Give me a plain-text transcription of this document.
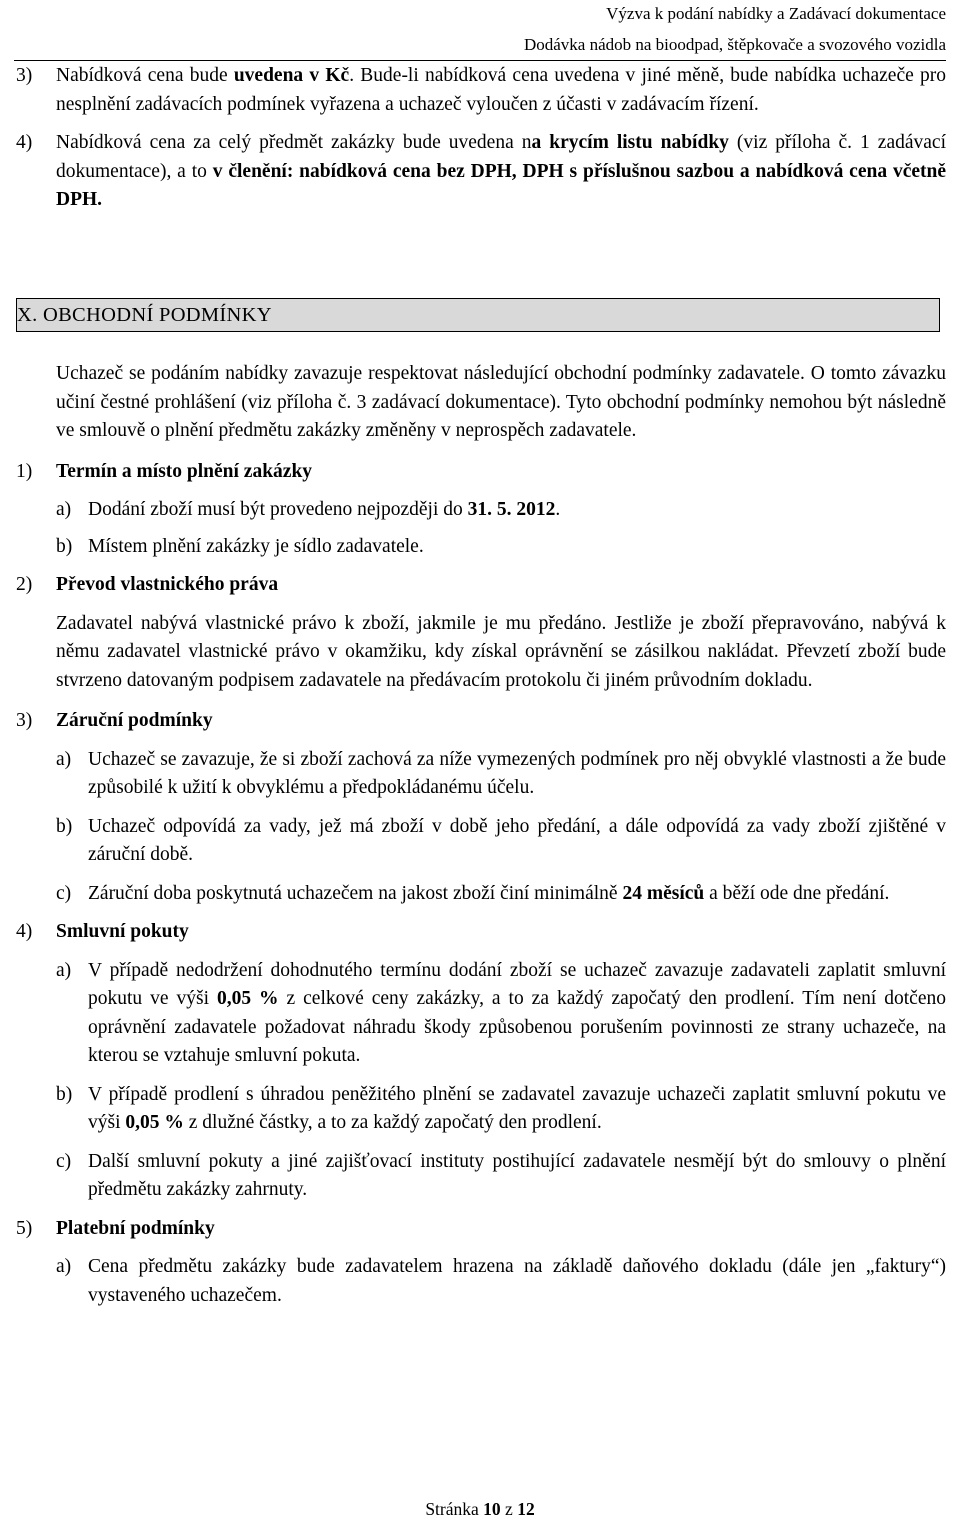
Výzva k podání nabídky a Zadávací dokumentace
Dodávka nádob na bioodpad, štěpkovače a svozového vozidla
3) Nabídková cena bude uvedena v Kč. Bude-li nabídková cena uvedena v jiné měně, bude nabídka uchazeče pro nesplnění zadávacích podmínek vyřazena a uchazeč vyloučen z účasti v zadávacím řízení.
4) Nabídková cena za celý předmět zakázky bude uvedena na krycím listu nabídky (viz příloha č. 1 zadávací dokumentace), a to v členění: nabídková cena bez DPH, DPH s příslušnou sazbou a nabídková cena včetně DPH.
X. OBCHODNÍ PODMÍNKY
Uchazeč se podáním nabídky zavazuje respektovat následující obchodní podmínky zadavatele. O tomto závazku učiní čestné prohlášení (viz příloha č. 3 zadávací dokumentace). Tyto obchodní podmínky nemohou být následně ve smlouvě o plnění předmětu zakázky změněny v neprospěch zadavatele.
1) Termín a místo plnění zakázky
a) Dodání zboží musí být provedeno nejpozději do 31. 5. 2012.
b) Místem plnění zakázky je sídlo zadavatele.
2) Převod vlastnického práva
Zadavatel nabývá vlastnické právo k zboží, jakmile je mu předáno. Jestliže je zboží přepravováno, nabývá k němu zadavatel vlastnické právo v okamžiku, kdy získal oprávnění se zásilkou nakládat. Převzetí zboží bude stvrzeno datovaným podpisem zadavatele na předávacím protokolu či jiném průvodním dokladu.
3) Záruční podmínky
a) Uchazeč se zavazuje, že si zboží zachová za níže vymezených podmínek pro něj obvyklé vlastnosti a že bude způsobilé k užití k obvyklému a předpokládanému účelu.
b) Uchazeč odpovídá za vady, jež má zboží v době jeho předání, a dále odpovídá za vady zboží zjištěné v záruční době.
c) Záruční doba poskytnutá uchazečem na jakost zboží činí minimálně 24 měsíců a běží ode dne předání.
4) Smluvní pokuty
a) V případě nedodržení dohodnutého termínu dodání zboží se uchazeč zavazuje zadavateli zaplatit smluvní pokutu ve výši 0,05 % z celkové ceny zakázky, a to za každý započatý den prodlení. Tím není dotčeno oprávnění zadavatele požadovat náhradu škody způsobenou porušením povinnosti ze strany uchazeče, na kterou se vztahuje smluvní pokuta.
b) V případě prodlení s úhradou peněžitého plnění se zadavatel zavazuje uchazeči zaplatit smluvní pokutu ve výši 0,05 % z dlužné částky, a to za každý započatý den prodlení.
c) Další smluvní pokuty a jiné zajišťovací instituty postihující zadavatele nesmějí být do smlouvy o plnění předmětu zakázky zahrnuty.
5) Platební podmínky
a) Cena předmětu zakázky bude zadavatelem hrazena na základě daňového dokladu (dále jen „faktury“) vystaveného uchazečem.
Stránka 10 z 12
